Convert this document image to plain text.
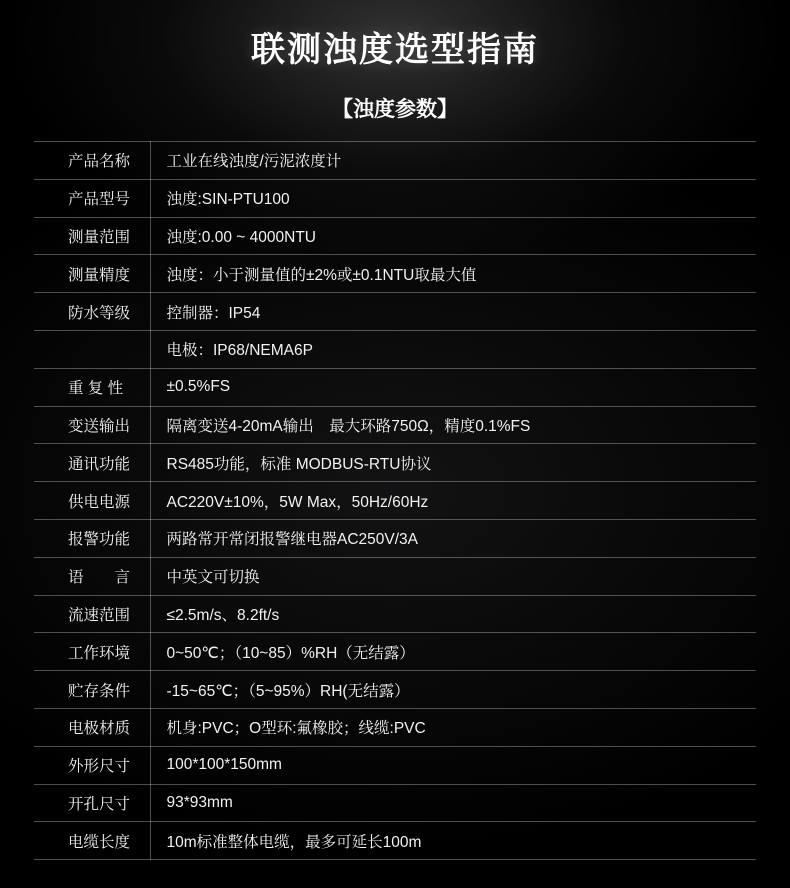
联测浊度选型指南
【浊度参数】
产品名称	工业在线浊度/污泥浓度计
产品型号	浊度:SIN-PTU100
测量范围	浊度:0.00 ~ 4000NTU
测量精度	浊度：小于测量值的±2%或±0.1NTU取最大值
防水等级	控制器：IP54
	电极：IP68/NEMA6P
重 复 性	±0.5%FS
变送输出	隔离变送4-20mA输出　最大环路750Ω，精度0.1%FS
通讯功能	RS485功能，标准 MODBUS-RTU协议
供电电源	AC220V±10%，5W Max，50Hz/60Hz
报警功能	两路常开常闭报警继电器AC250V/3A
语　　言	中英文可切换
流速范围	≤2.5m/s、8.2ft/s
工作环境	0~50℃；（10~85）%RH（无结露）
贮存条件	-15~65℃；（5~95%）RH(无结露）
电极材质	机身:PVC；O型环:氟橡胶；线缆:PVC
外形尺寸	100*100*150mm
开孔尺寸	93*93mm
电缆长度	10m标准整体电缆，最多可延长100m
